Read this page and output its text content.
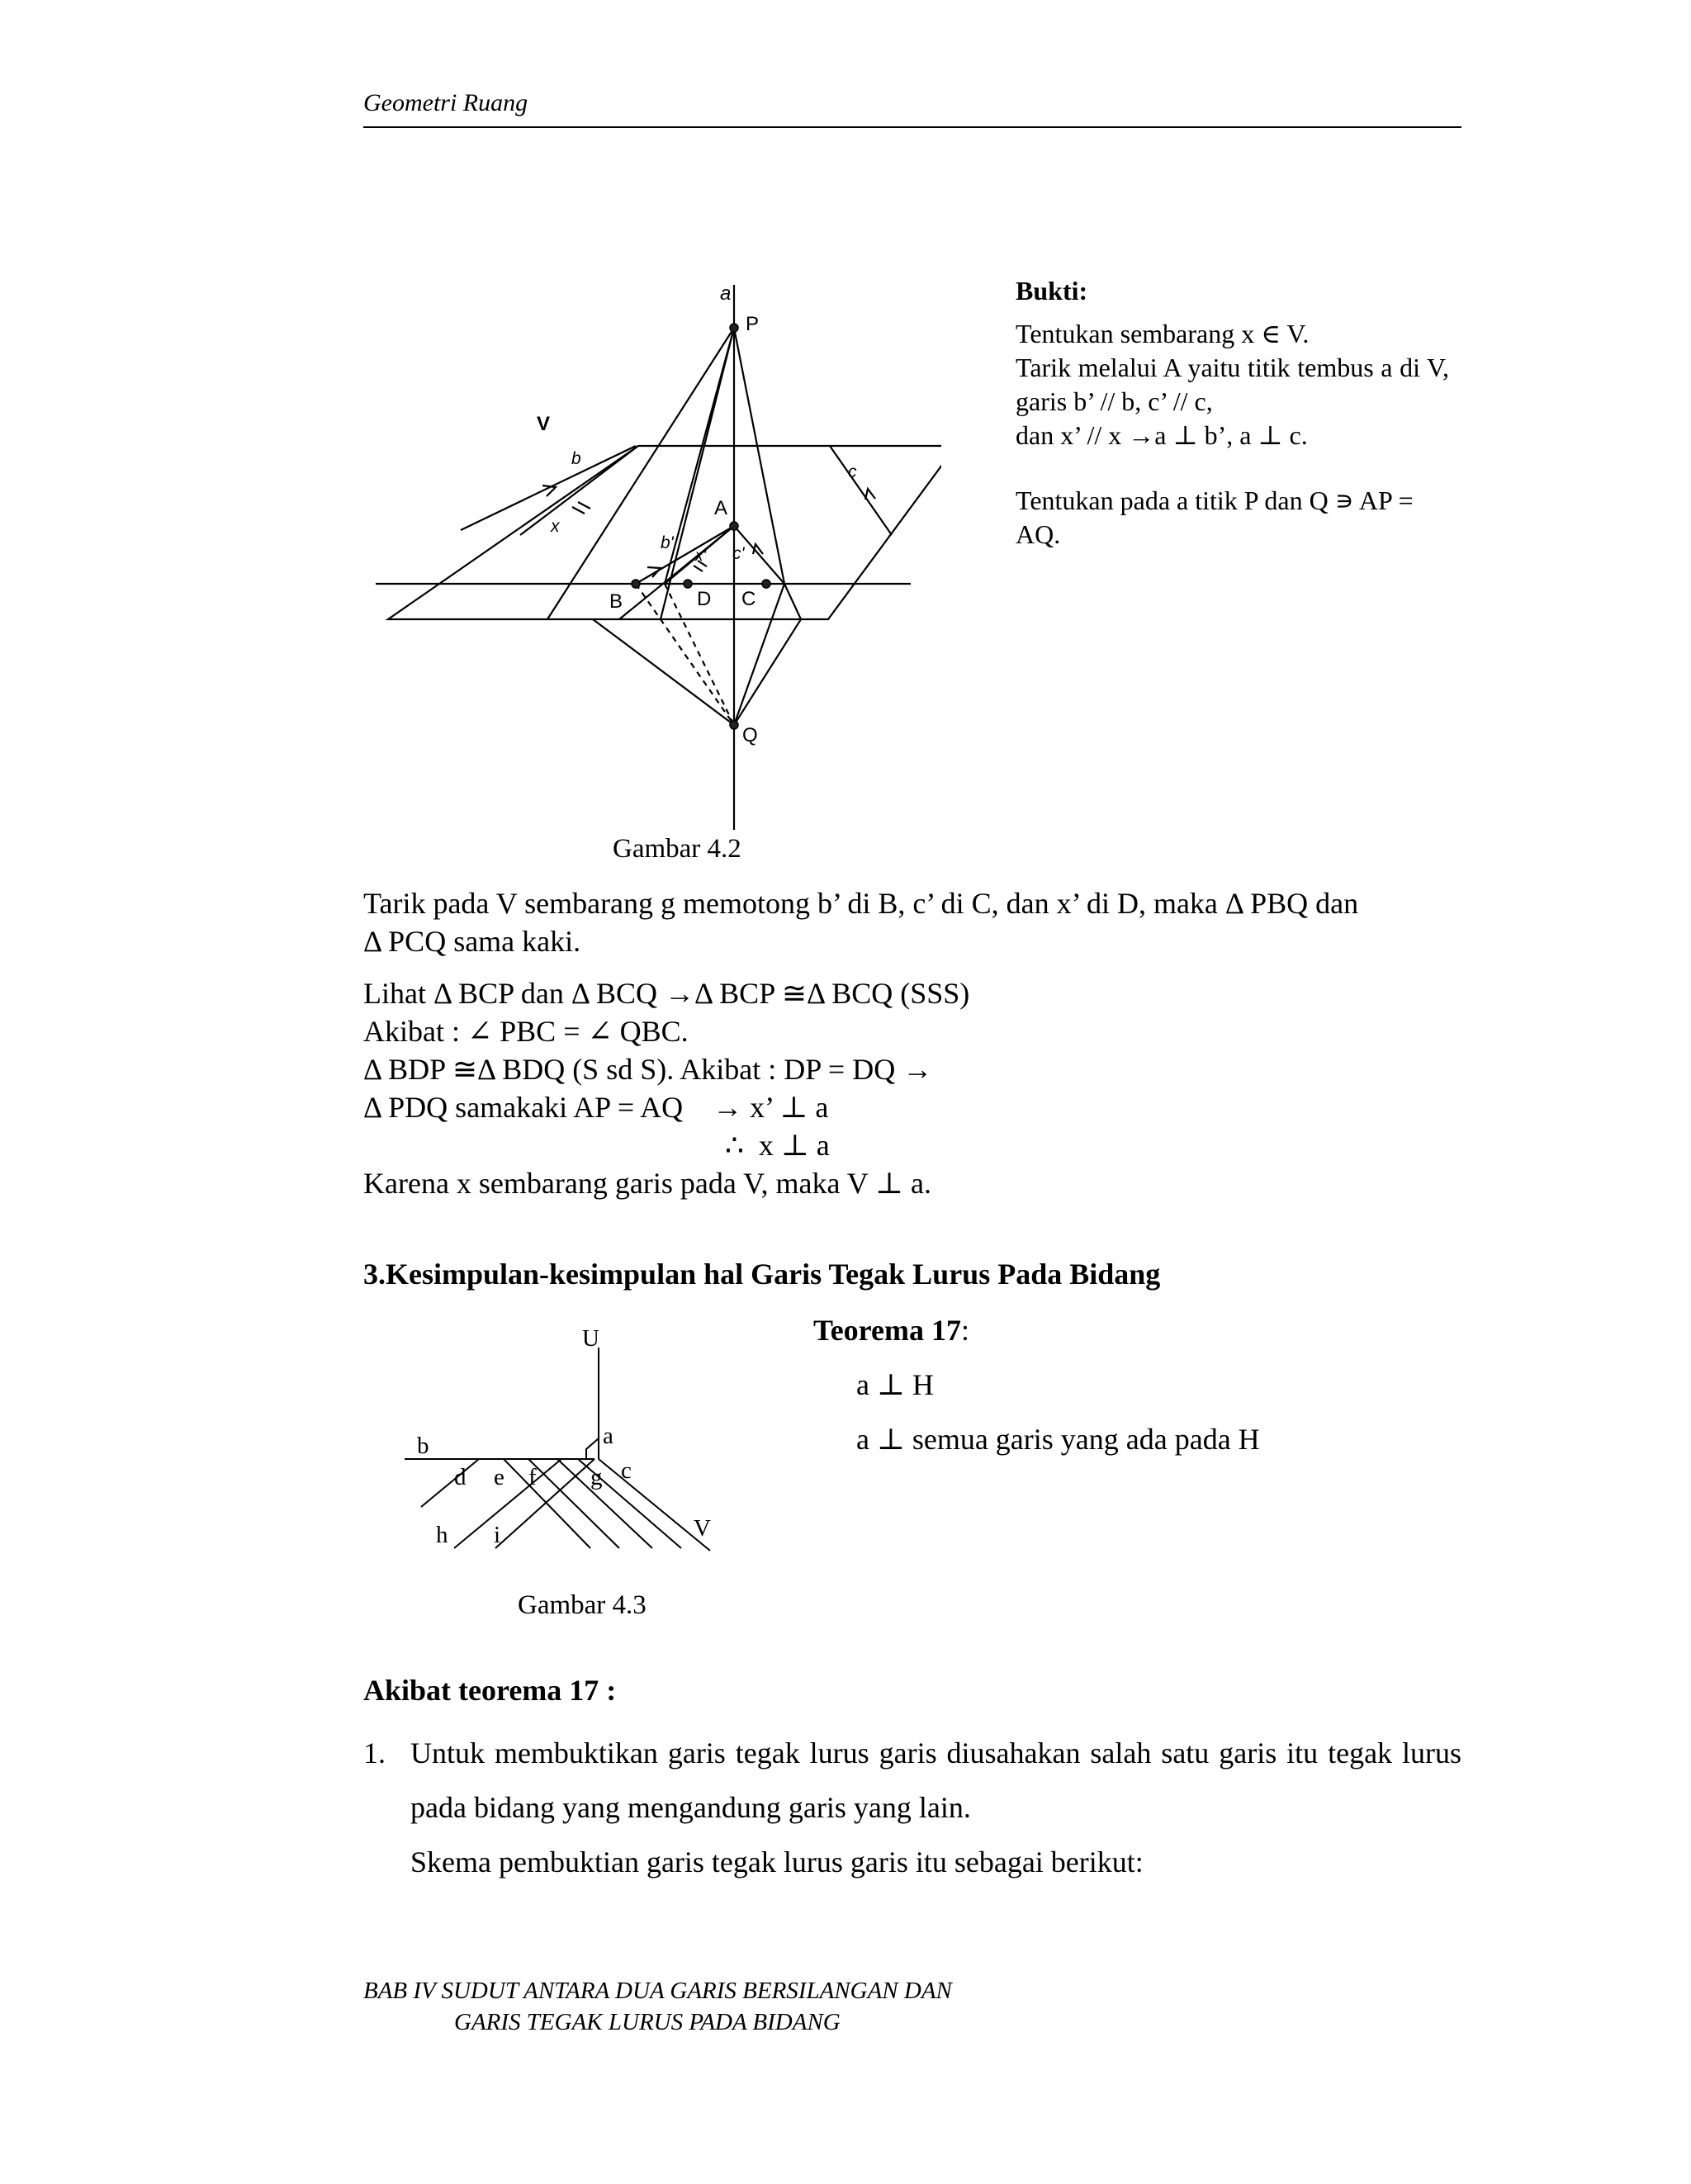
Geometri Ruang
a
P
V
b
x
c
A
b'
x' c'
B	D C
Q
Gambar 4.2

Bukti:

Tentukan sembarang x ∈ V.

Tarik melalui A yaitu titik tembus a di V, garis b’ // b, c’ // c,

dan x’ // x →a ⊥ b’, a ⊥ c.

Tentukan pada a titik P dan Q ∍ AP = AQ.

Tarik pada V sembarang g memotong b’ di B, c’ di C, dan x’ di D, maka Δ PBQ dan
Δ PCQ sama kaki.
Lihat Δ BCP dan Δ BCQ →Δ BCP ≅Δ BCQ (SSS)
Akibat : ∠ PBC = ∠ QBC.
Δ BDP ≅Δ BDQ (S sd S). Akibat : DP = DQ →
Δ PDQ samakaki AP = AQ    → x’ ⊥ a
∴  x ⊥ a
Karena x sembarang garis pada V, maka V ⊥ a.
3.Kesimpulan-kesimpulan hal Garis Tegak Lurus Pada Bidang
U
a
b
d e f g c
V
h i
Gambar 4.3
Teorema 17:
a ⊥ H
a ⊥ semua garis yang ada pada H
Akibat teorema 17 :
1. Untuk membuktikan garis tegak lurus garis diusahakan salah satu garis itu tegak lurus pada bidang yang mengandung garis yang lain.
Skema pembuktian garis tegak lurus garis itu sebagai berikut:
BAB IV SUDUT ANTARA DUA GARIS BERSILANGAN DAN
GARIS TEGAK LURUS PADA BIDANG
